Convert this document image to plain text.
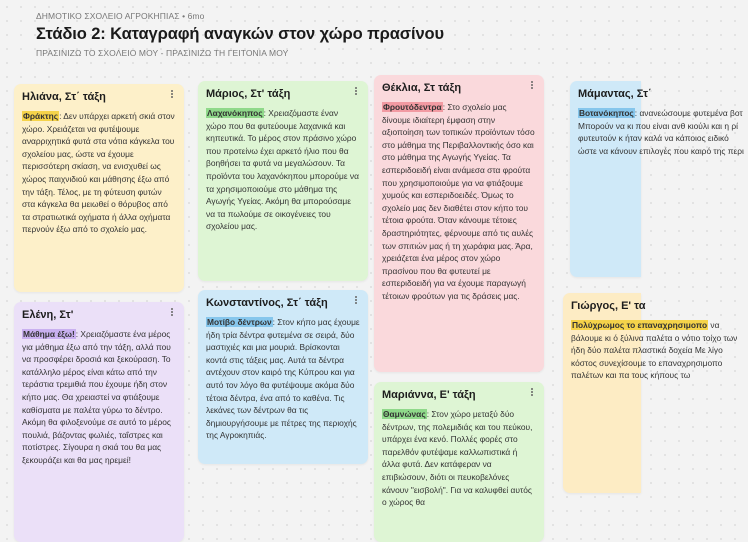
ΔΗΜΟΤΙΚΟ ΣΧΟΛΕΙΟ ΑΓΡΟΚΗΠΙΑΣ • 6mo
Στάδιο 2: Καταγραφή αναγκών στον χώρο πρασίνου
ΠΡΑΣΙΝΙΖΩ ΤΟ ΣΧΟΛΕΙΟ ΜΟΥ - ΠΡΑΣΙΝΙΖΩ ΤΗ ΓΕΙΤΟΝΙΑ ΜΟΥ
Ηλιάνα, Στ΄ τάξη
Φράκτης: Δεν υπάρχει αρκετή σκιά στον χώρο. Χρειάζεται να φυτέψουμε αναρριχητικά φυτά στα νότια κάγκελα του σχολείου μας, ώστε να έχουμε περισσότερη σκίαση, να ενισχυθεί ως χώρος παιχνιδιού και μάθησης έξω από την τάξη. Τέλος, με τη φύτευση φυτών στα κάγκελα θα μειωθεί ο θόρυβος από τα στρατιωτικά οχήματα ή άλλα οχήματα περνούν έξω από το σχολείο μας.
Ελένη, Στ'
Μάθημα έξω!: Χρειαζόμαστε ένα μέρος για μάθημα έξω από την τάξη, αλλά που να προσφέρει δροσιά και ξεκούραση. Το κατάλληλο μέρος είναι κάτω από την τεράστια τρεμιθιά που έχουμε ήδη στον κήπο μας. Θα χρειαστεί να φτιάξουμε καθίσματα με παλέτα γύρω το δέντρο. Ακόμη θα φιλοξενούμε σε αυτό το μέρος πουλιά, βάζοντας φωλιές, ταΐστρες και ποτίστρες. Σίγουρα η σκιά του θα μας ξεκουράζει και θα μας ηρεμεί!
Μάριος, Στ' τάξη
Λαχανόκηπος: Χρειαζόμαστε έναν χώρο που θα φυτεύουμε λαχανικά και κηπευτικά. Το μέρος στον πράσινο χώρο που προτείνω έχει αρκετό ήλιο που θα βοηθήσει τα φυτά να μεγαλώσουν. Τα προϊόντα του λαχανόκηπου μπορούμε να τα χρησιμοποιούμε στο μάθημα της Αγωγής Υγείας. Ακόμη θα μπορούσαμε να τα πωλούμε σε οικογένειες του σχολείου μας.
Κωνσταντίνος, Στ΄ τάξη
Μοτίβο δέντρων: Στον κήπο μας έχουμε ήδη τρία δέντρα φυτεμένα σε σειρά, δύο μαστιχιές και μια μουριά. Βρίσκονται κοντά στις τάξεις μας. Αυτά τα δέντρα αντέχουν στον καιρό της Κύπρου και για αυτό τον λόγο θα φυτέψουμε ακόμα δύο τέτοια δέντρα, ένα από το καθένα. Τις λεκάνες των δέντρων θα τις δημιουργήσουμε με πέτρες της περιοχής της Αγροκηπιάς.
Θέκλια, Στ τάξη
Φρουτόδεντρα: Στο σχολείο μας δίνουμε ιδιαίτερη έμφαση στην αξιοποίηση των τοπικών προϊόντων τόσο στο μάθημα της Περιβαλλοντικής όσο και στο μάθημα της Αγωγής Υγείας. Τα εσπεριδοειδή είναι ανάμεσα στα φρούτα που χρησιμοποιούμε για να φτιάξουμε χυμούς και εσπεριδοειδές. Όμως το σχολείο μας δεν διαθέτει στον κήπο του τέτοια φρούτα. Όταν κάνουμε τέτοιες δραστηριότητες, φέρνουμε από τις αυλές των σπιτιών μας ή τη χωράφια μας. Άρα, χρειάζεται ένα μέρος στον χώρο πρασίνου που θα φυτευτεί με εσπεριδοειδή για να έχουμε παραγωγή τέτοιων φρούτων για τις δράσεις μας.
Μαριάννα, Ε' τάξη
Θαμνώνας: Στον χώρο μεταξύ δύο δέντρων, της πολεμιδιάς και του πεύκου, υπάρχει ένα κενό. Πολλές φορές στο παρελθόν φυτέψαμε καλλωπιστικά ή άλλα φυτά. Δεν κατάφεραν να επιβιώσουν, διότι οι πευκοβελόνες κάνουν "εισβολή". Για να καλυφθεί αυτός ο χώρος θα
Μάμαντας, Στ΄
Βοτανόκηπος: ανανεώσουμε φυτεμένα βοτ Μπορούν να κι που είναι ανθ κιούλι και η ρί φυτευτούν κ ήταν καλά να κάποιος ειδικό ώστε να κάνουν επιλογές που καιρό της περι
Γιώργος, Ε' τα
Πολύχρωμος το επαναχρησιμοπο να βάλουμε κι ό ξύλινα παλέτα ο νότιο τοίχο των ήδη δύο παλέτα πλαστικά δοχεία Με λίγο κόστος συνεχίσουμε το επαναχρησιμοπο παλέτων και πα τους κήπους τω
